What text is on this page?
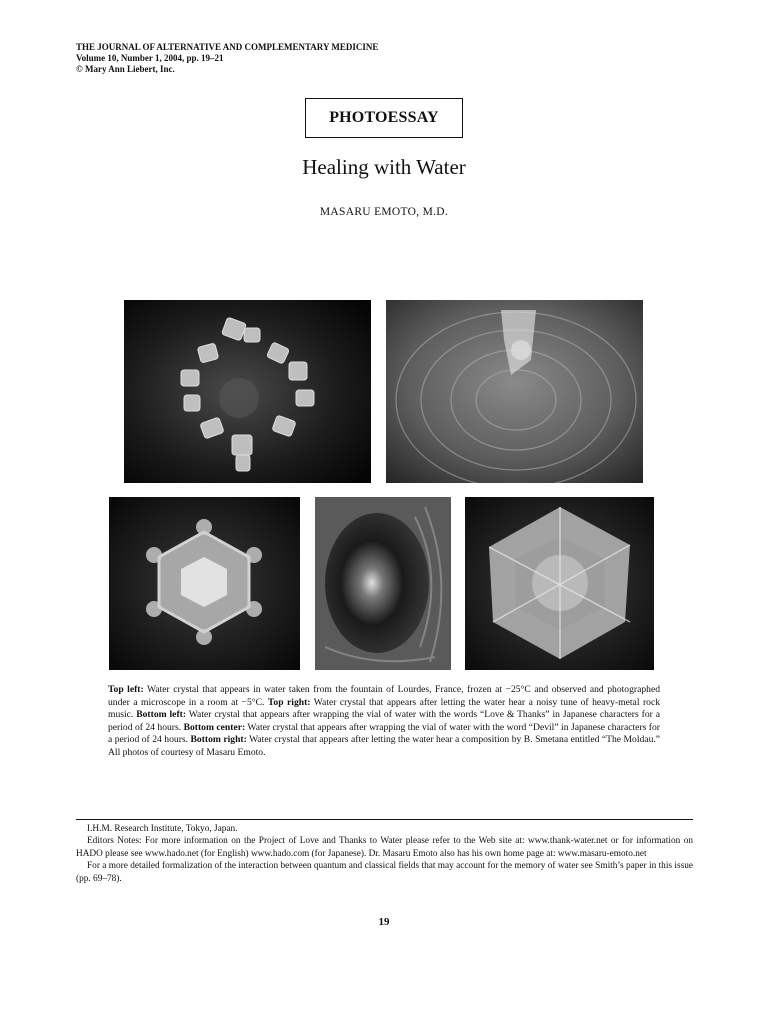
THE JOURNAL OF ALTERNATIVE AND COMPLEMENTARY MEDICINE
Volume 10, Number 1, 2004, pp. 19–21
© Mary Ann Liebert, Inc.
PHOTOESSAY
Healing with Water
MASARU EMOTO, M.D.
Top left: Water crystal that appears in water taken from the fountain of Lourdes, France, frozen at −25°C and observed and photographed under a microscope in a room at −5°C. Top right: Water crystal that appears after letting the water hear a noisy tune of heavy-metal rock music. Bottom left: Water crystal that appears after wrapping the vial of water with the words “Love & Thanks” in Japanese characters for a period of 24 hours. Bottom center: Water crystal that appears after wrapping the vial of water with the word “Devil” in Japanese characters for a period of 24 hours. Bottom right: Water crystal that appears after letting the water hear a composition by B. Smetana entitled “The Moldau.” All photos of courtesy of Masaru Emoto.

I.H.M. Research Institute, Tokyo, Japan.

Editors Notes: For more information on the Project of Love and Thanks to Water please refer to the Web site at: www.thank-water.net or for information on HADO please see www.hado.net (for English) www.hado.com (for Japanese). Dr. Masaru Emoto also has his own home page at: www.masaru-emoto.net

For a more detailed formalization of the interaction between quantum and classical fields that may account for the memory of water see Smith’s paper in this issue (pp. 69–78).

19
